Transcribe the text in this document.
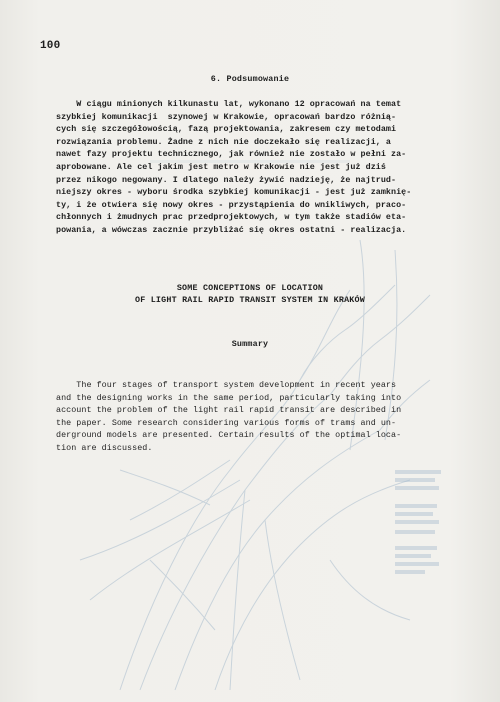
100
6. Podsumowanie
W ciągu minionych kilkunastu lat, wykonano 12 opracowań na temat
szybkiej komunikacji  szynowej w Krakowie, opracowań bardzo różnią-
cych się szczegółowością, fazą projektowania, zakresem czy metodami
rozwiązania problemu. Żadne z nich nie doczekało się realizacji, a
nawet fazy projektu technicznego, jak również nie zostało w pełni za-
aprobowane. Ale cel jakim jest metro w Krakowie nie jest już dziś
przez nikogo negowany. I dlatego należy żywić nadzieję, że najtrud-
niejszy okres - wyboru środka szybkiej komunikacji - jest już zamknię-
ty, i że otwiera się nowy okres - przystąpienia do wnikliwych, praco-
chłonnych i żmudnych prac przedprojektowych, w tym także stadiów eta-
powania, a wówczas zacznie przybliżać się okres ostatni - realizacja.
SOME CONCEPTIONS OF LOCATION
OF LIGHT RAIL RAPID TRANSIT SYSTEM IN KRAKÓW
Summary
The four stages of transport system development in recent years
and the designing works in the same period, particularly taking into
account the problem of the light rail rapid transit are described in
the paper. Some research considering various forms of trams and un-
derground models are presented. Certain results of the optimal loca-
tion are discussed.
